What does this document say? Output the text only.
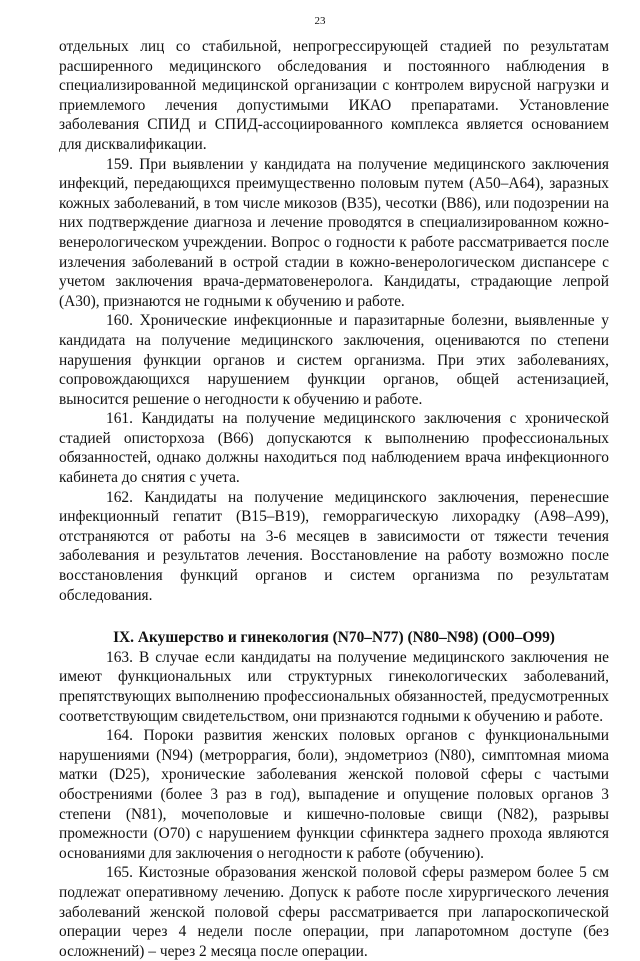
23

отдельных лиц со стабильной, непрогрессирующей стадией по результатам расширенного медицинского обследования и постоянного наблюдения в специализированной медицинской организации с контролем вирусной нагрузки и приемлемого лечения допустимыми ИКАО препаратами. Установление заболевания СПИД и СПИД-ассоциированного комплекса является основанием для дисквалификации.

159. При выявлении у кандидата на получение медицинского заключения инфекций, передающихся преимущественно половым путем (А50–А64), заразных кожных заболеваний, в том числе микозов (В35), чесотки (В86), или подозрении на них подтверждение диагноза и лечение проводятся в специализированном кожно-венерологическом учреждении. Вопрос о годности к работе рассматривается после излечения заболеваний в острой стадии в кожно-венерологическом диспансере с учетом заключения врача-дерматовенеролога. Кандидаты, страдающие лепрой (А30), признаются не годными к обучению и работе.

160. Хронические инфекционные и паразитарные болезни, выявленные у кандидата на получение медицинского заключения, оцениваются по степени нарушения функции органов и систем организма. При этих заболеваниях, сопровождающихся нарушением функции органов, общей астенизацией, выносится решение о негодности к обучению и работе.

161. Кандидаты на получение медицинского заключения с хронической стадией описторхоза (В66) допускаются к выполнению профессиональных обязанностей, однако должны находиться под наблюдением врача инфекционного кабинета до снятия с учета.

162. Кандидаты на получение медицинского заключения, перенесшие инфекционный гепатит (В15–В19), геморрагическую лихорадку (А98–А99), отстраняются от работы на 3-6 месяцев в зависимости от тяжести течения заболевания и результатов лечения. Восстановление на работу возможно после восстановления функций органов и систем организма по результатам обследования.

IX. Акушерство и гинекология (N70–N77) (N80–N98) (O00–O99)

163. В случае если кандидаты на получение медицинского заключения не имеют функциональных или структурных гинекологических заболеваний, препятствующих выполнению профессиональных обязанностей, предусмотренных соответствующим свидетельством, они признаются годными к обучению и работе.

164. Пороки развития женских половых органов с функциональными нарушениями (N94) (метроррагия, боли), эндометриоз (N80), симптомная миома матки (D25), хронические заболевания женской половой сферы с частыми обострениями (более 3 раз в год), выпадение и опущение половых органов 3 степени (N81), мочеполовые и кишечно-половые свищи (N82), разрывы промежности (О70) с нарушением функции сфинктера заднего прохода являются основаниями для заключения о негодности к работе (обучению).

165. Кистозные образования женской половой сферы размером более 5 см подлежат оперативному лечению. Допуск к работе после хирургического лечения заболеваний женской половой сферы рассматривается при лапароскопической операции через 4 недели после операции, при лапаротомном доступе (без осложнений) – через 2 месяца после операции.
